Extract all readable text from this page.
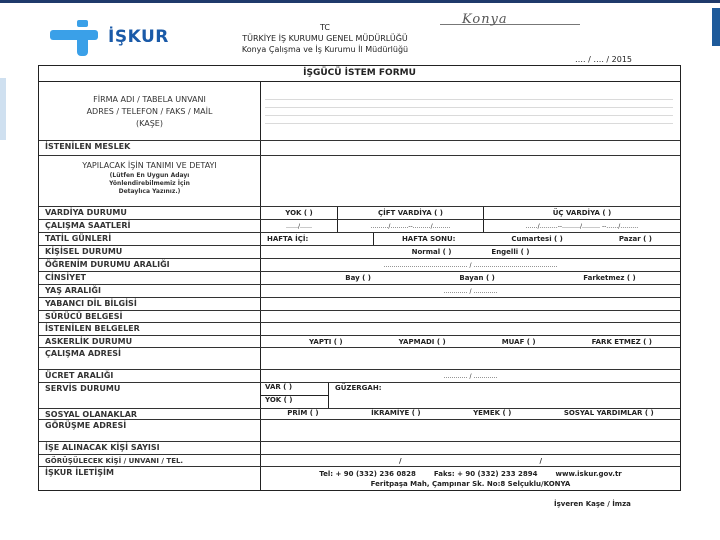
İŞKUR	TC
TÜRKİYE İŞ KURUMU GENEL MÜDÜRLÜĞÜ
Konya Çalışma ve İş Kurumu İl Müdürlüğü
Konya
…. / …. / 2015
İŞGÜCÜ İSTEM FORMU
FİRMA ADI / TABELA UNVANI
ADRES / TELEFON / FAKS / MAİL
(KAŞE)
……………………………………………………………………………………………………………………………………………………………………………………
……………………………………………………………………………………………………………………………………………………………………………………
……………………………………………………………………………………………………………………………………………………………………………………
……………………………………………………………………………………………………………………………………………………………………………………
İSTENİLEN MESLEK
YAPILACAK İŞİN TANIMI VE DETAYI
(Lütfen En Uygun Adayı Yönlendirebilmemiz İçin Detaylıca Yazınız.)
VARDİYA DURUMU	YOK ( )	ÇİFT VARDİYA ( )	ÜÇ VARDİYA ( )
ÇALIŞMA SAATLERİ	……/……	………/………--………/………	……/………--………/……… --……/………
TATİL GÜNLERİ	HAFTA İÇİ:	HAFTA SONU:	Cumartesi ( )	Pazar ( )
KİŞİSEL DURUMU	Normal ( )	Engelli ( )
ÖĞRENİM DURUMU ARALIĞI	…………………………………… / ……………………………………
CİNSİYET	Bay ( )	Bayan ( )	Farketmez ( )
YAŞ ARALIĞI	………… / …………
YABANCI DİL BİLGİSİ
SÜRÜCÜ BELGESİ
İSTENİLEN BELGELER
ASKERLİK DURUMU	YAPTI ( )	YAPMADI ( )	MUAF ( )	FARK ETMEZ ( )
ÇALIŞMA ADRESİ
ÜCRET ARALIĞI	………… / …………
SERVİS DURUMU	VAR ( )
YOK ( )
GÜZERGAH:
SOSYAL OLANAKLAR	PRİM ( )	İKRAMİYE ( )	YEMEK ( )	SOSYAL YARDIMLAR ( )
GÖRÜŞME ADRESİ
İŞE ALINACAK KİŞİ SAYISI
GÖRÜŞÜLECEK KİŞİ / UNVANI / TEL.	/	/
İŞKUR İLETİŞİM	Tel: + 90 (332) 236 0828	Faks: + 90 (332) 233 2894	www.iskur.gov.tr
Feritpaşa Mah, Çampınar Sk. No:8 Selçuklu/KONYA
İşveren Kaşe / İmza
